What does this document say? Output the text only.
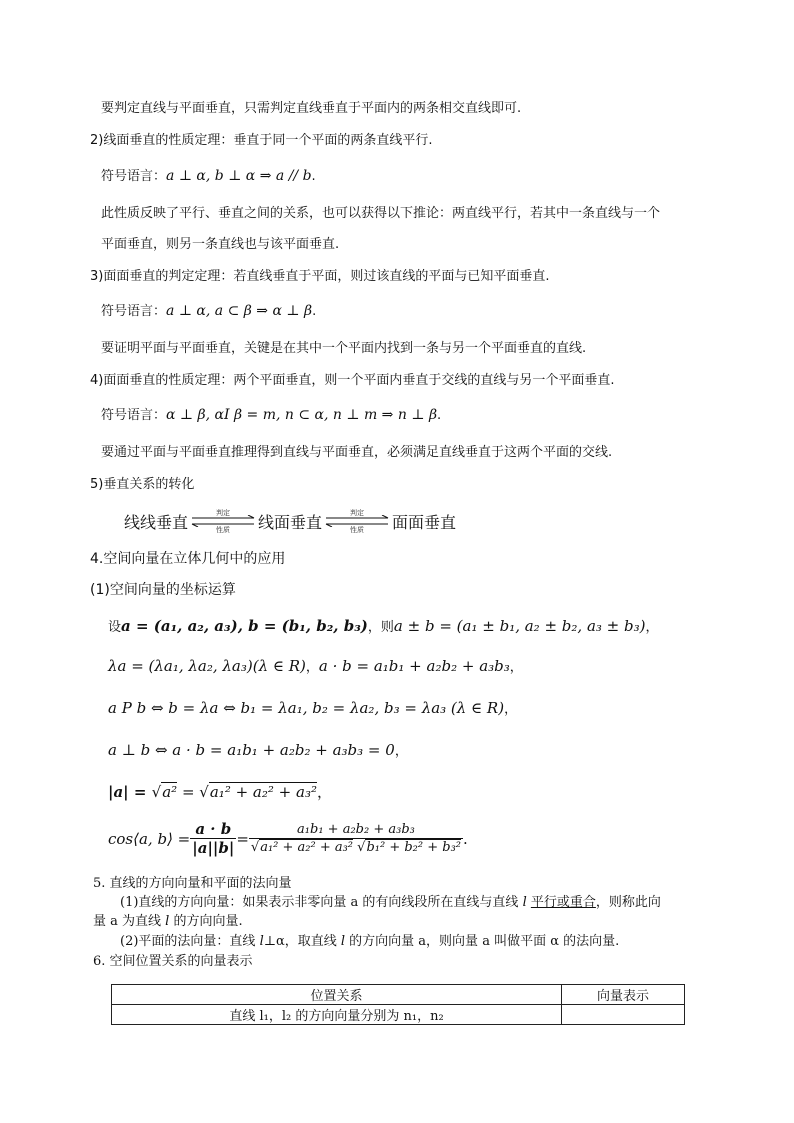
要判定直线与平面垂直，只需判定直线垂直于平面内的两条相交直线即可.
2)线面垂直的性质定理：垂直于同一个平面的两条直线平行.
符号语言：a ⊥ α, b ⊥ α ⇒ a // b.
此性质反映了平行、垂直之间的关系，也可以获得以下推论：两直线平行，若其中一条直线与一个
平面垂直，则另一条直线也与该平面垂直.
3)面面垂直的判定定理：若直线垂直于平面，则过该直线的平面与已知平面垂直.
符号语言：a ⊥ α, a ⊂ β ⇒ α ⊥ β.
要证明平面与平面垂直，关键是在其中一个平面内找到一条与另一个平面垂直的直线.
4)面面垂直的性质定理：两个平面垂直，则一个平面内垂直于交线的直线与另一个平面垂直.
符号语言：α ⊥ β, αI β = m, n ⊂ α, n ⊥ m ⇒ n ⊥ β.
要通过平面与平面垂直推理得到直线与平面垂直，必须满足直线垂直于这两个平面的交线.
5)垂直关系的转化
线线垂直	判定
性质	线面垂直	判定
性质	面面垂直
4.空间向量在立体几何中的应用
(1)空间向量的坐标运算
设a = (a₁, a₂, a₃), b = (b₁, b₂, b₃)，则a ± b = (a₁ ± b₁, a₂ ± b₂, a₃ ± b₃)，
λa = (λa₁, λa₂, λa₃)(λ ∈ R)，a · b = a₁b₁ + a₂b₂ + a₃b₃，
a P b ⇔ b = λa ⇔ b₁ = λa₁, b₂ = λa₂, b₃ = λa₃ (λ ∈ R)，
a ⊥ b ⇔ a · b = a₁b₁ + a₂b₂ + a₃b₃ = 0，
|a| = √a² = √a₁² + a₂² + a₃²，
cos⟨a, b⟩ = $\frac{a \cdot b}{|a||b|} = \frac{\text{a₁b₁ + a₂b₂ + a₃b₃}}{\text{√a₁² + a₂² + a₃² √b₁² + b₂² + b₃²}}$ .
5. 直线的方向向量和平面的法向量
(1)直线的方向向量：如果表示非零向量 a 的有向线段所在直线与直线 l 平行或重合，则称此向
量 a 为直线 l 的方向向量.
(2)平面的法向量：直线 l⊥α，取直线 l 的方向向量 a，则向量 a 叫做平面 α 的法向量.
6. 空间位置关系的向量表示
位置关系	向量表示
直线 l₁，l₂ 的方向向量分别为 n₁，n₂	
